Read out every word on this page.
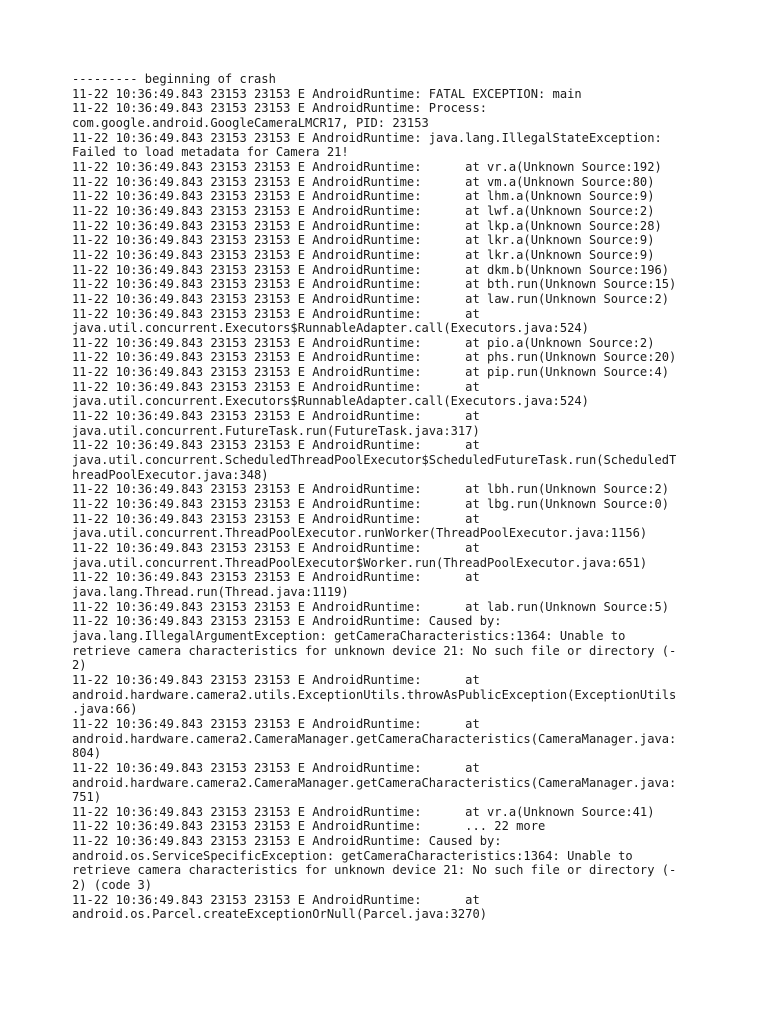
--------- beginning of crash
11-22 10:36:49.843 23153 23153 E AndroidRuntime: FATAL EXCEPTION: main
11-22 10:36:49.843 23153 23153 E AndroidRuntime: Process:
com.google.android.GoogleCameraLMCR17, PID: 23153
11-22 10:36:49.843 23153 23153 E AndroidRuntime: java.lang.IllegalStateException:
Failed to load metadata for Camera 21!
11-22 10:36:49.843 23153 23153 E AndroidRuntime:      at vr.a(Unknown Source:192)
11-22 10:36:49.843 23153 23153 E AndroidRuntime:      at vm.a(Unknown Source:80)
11-22 10:36:49.843 23153 23153 E AndroidRuntime:      at lhm.a(Unknown Source:9)
11-22 10:36:49.843 23153 23153 E AndroidRuntime:      at lwf.a(Unknown Source:2)
11-22 10:36:49.843 23153 23153 E AndroidRuntime:      at lkp.a(Unknown Source:28)
11-22 10:36:49.843 23153 23153 E AndroidRuntime:      at lkr.a(Unknown Source:9)
11-22 10:36:49.843 23153 23153 E AndroidRuntime:      at lkr.a(Unknown Source:9)
11-22 10:36:49.843 23153 23153 E AndroidRuntime:      at dkm.b(Unknown Source:196)
11-22 10:36:49.843 23153 23153 E AndroidRuntime:      at bth.run(Unknown Source:15)
11-22 10:36:49.843 23153 23153 E AndroidRuntime:      at law.run(Unknown Source:2)
11-22 10:36:49.843 23153 23153 E AndroidRuntime:      at
java.util.concurrent.Executors$RunnableAdapter.call(Executors.java:524)
11-22 10:36:49.843 23153 23153 E AndroidRuntime:      at pio.a(Unknown Source:2)
11-22 10:36:49.843 23153 23153 E AndroidRuntime:      at phs.run(Unknown Source:20)
11-22 10:36:49.843 23153 23153 E AndroidRuntime:      at pip.run(Unknown Source:4)
11-22 10:36:49.843 23153 23153 E AndroidRuntime:      at
java.util.concurrent.Executors$RunnableAdapter.call(Executors.java:524)
11-22 10:36:49.843 23153 23153 E AndroidRuntime:      at
java.util.concurrent.FutureTask.run(FutureTask.java:317)
11-22 10:36:49.843 23153 23153 E AndroidRuntime:      at
java.util.concurrent.ScheduledThreadPoolExecutor$ScheduledFutureTask.run(ScheduledT
hreadPoolExecutor.java:348)
11-22 10:36:49.843 23153 23153 E AndroidRuntime:      at lbh.run(Unknown Source:2)
11-22 10:36:49.843 23153 23153 E AndroidRuntime:      at lbg.run(Unknown Source:0)
11-22 10:36:49.843 23153 23153 E AndroidRuntime:      at
java.util.concurrent.ThreadPoolExecutor.runWorker(ThreadPoolExecutor.java:1156)
11-22 10:36:49.843 23153 23153 E AndroidRuntime:      at
java.util.concurrent.ThreadPoolExecutor$Worker.run(ThreadPoolExecutor.java:651)
11-22 10:36:49.843 23153 23153 E AndroidRuntime:      at
java.lang.Thread.run(Thread.java:1119)
11-22 10:36:49.843 23153 23153 E AndroidRuntime:      at lab.run(Unknown Source:5)
11-22 10:36:49.843 23153 23153 E AndroidRuntime: Caused by:
java.lang.IllegalArgumentException: getCameraCharacteristics:1364: Unable to
retrieve camera characteristics for unknown device 21: No such file or directory (-
2)
11-22 10:36:49.843 23153 23153 E AndroidRuntime:      at
android.hardware.camera2.utils.ExceptionUtils.throwAsPublicException(ExceptionUtils
.java:66)
11-22 10:36:49.843 23153 23153 E AndroidRuntime:      at
android.hardware.camera2.CameraManager.getCameraCharacteristics(CameraManager.java:
804)
11-22 10:36:49.843 23153 23153 E AndroidRuntime:      at
android.hardware.camera2.CameraManager.getCameraCharacteristics(CameraManager.java:
751)
11-22 10:36:49.843 23153 23153 E AndroidRuntime:      at vr.a(Unknown Source:41)
11-22 10:36:49.843 23153 23153 E AndroidRuntime:      ... 22 more
11-22 10:36:49.843 23153 23153 E AndroidRuntime: Caused by:
android.os.ServiceSpecificException: getCameraCharacteristics:1364: Unable to
retrieve camera characteristics for unknown device 21: No such file or directory (-
2) (code 3)
11-22 10:36:49.843 23153 23153 E AndroidRuntime:      at
android.os.Parcel.createExceptionOrNull(Parcel.java:3270)
